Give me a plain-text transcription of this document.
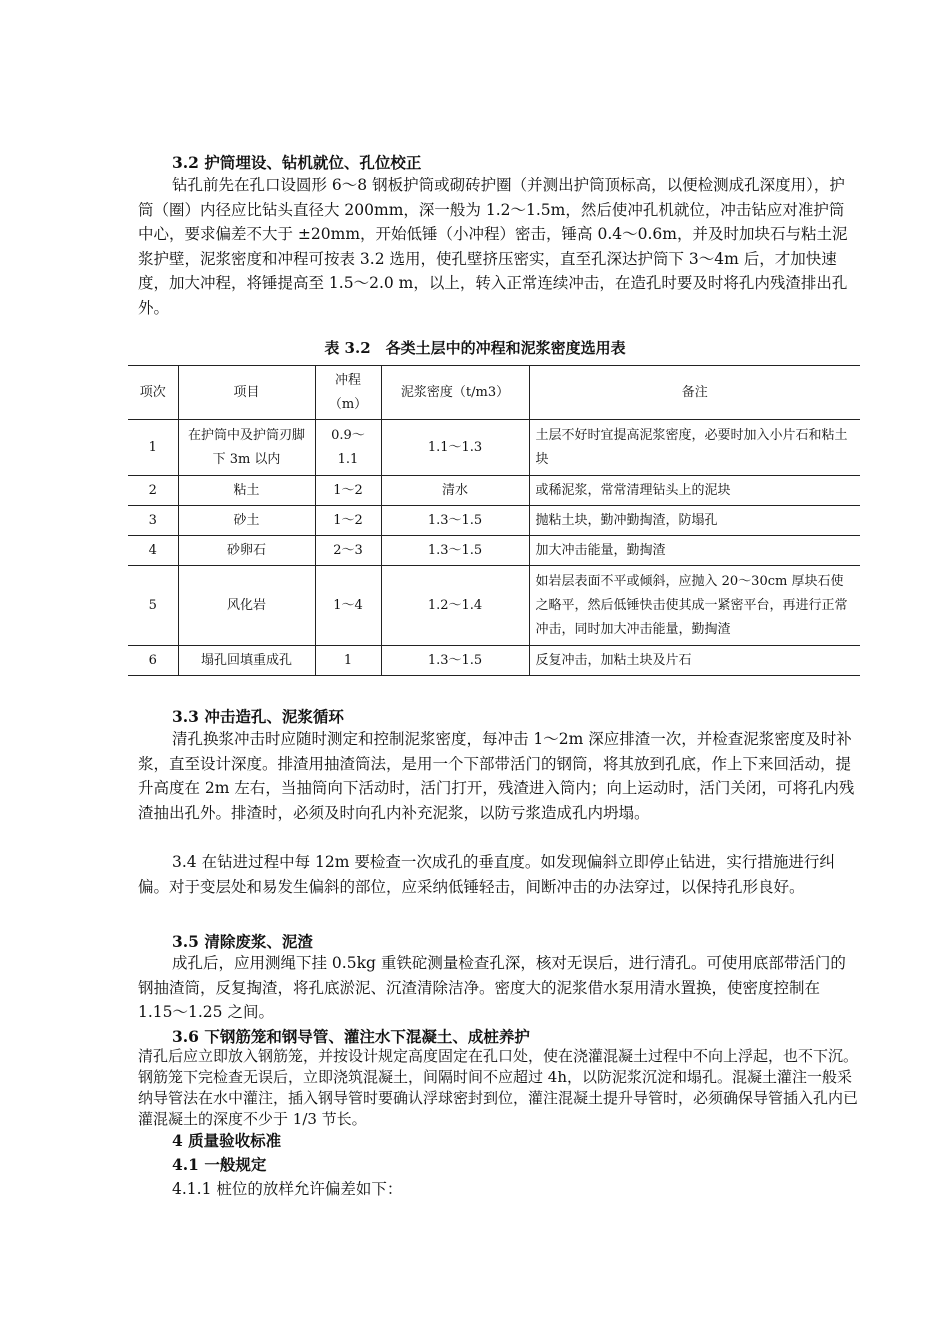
3.2 护筒埋设、钻机就位、孔位校正
钻孔前先在孔口设圆形 6～8 钢板护筒或砌砖护圈（并测出护筒顶标高，以便检测成孔深度用），护筒（圈）内径应比钻头直径大 200mm，深一般为 1.2～1.5m，然后使冲孔机就位，冲击钻应对准护筒中心，要求偏差不大于 ±20mm，开始低锤（小冲程）密击，锤高 0.4～0.6m，并及时加块石与粘土泥浆护壁，泥浆密度和冲程可按表 3.2 选用，使孔壁挤压密实，直至孔深达护筒下 3～4m 后，才加快速度，加大冲程，将锤提高至 1.5～2.0 m，以上，转入正常连续冲击，在造孔时要及时将孔内残渣排出孔外。
表 3.2　各类土层中的冲程和泥浆密度选用表
项次	项目	冲程（m）	泥浆密度（t/m3）	备注
1	在护筒中及护筒刃脚下 3m 以内	0.9～1.1	1.1～1.3	土层不好时宜提高泥浆密度，必要时加入小片石和粘土块
2	粘土	1～2	清水	或稀泥浆，常常清理钻头上的泥块
3	砂土	1～2	1.3～1.5	抛粘土块，勤冲勤掏渣，防塌孔
4	砂卵石	2～3	1.3～1.5	加大冲击能量，勤掏渣
5	风化岩	1～4	1.2～1.4	如岩层表面不平或倾斜，应抛入 20～30cm 厚块石使之略平，然后低锤快击使其成一紧密平台，再进行正常冲击，同时加大冲击能量，勤掏渣
6	塌孔回填重成孔	1	1.3～1.5	反复冲击，加粘土块及片石
3.3 冲击造孔、泥浆循环
清孔换浆冲击时应随时测定和控制泥浆密度，每冲击 1～2m 深应排渣一次，并检查泥浆密度及时补浆，直至设计深度。排渣用抽渣筒法，是用一个下部带活门的钢筒，将其放到孔底，作上下来回活动，提升高度在 2m 左右，当抽筒向下活动时，活门打开，残渣进入筒内；向上运动时，活门关闭，可将孔内残渣抽出孔外。排渣时，必须及时向孔内补充泥浆，以防亏浆造成孔内坍塌。
3.4 在钻进过程中每 12m 要检查一次成孔的垂直度。如发现偏斜立即停止钻进，实行措施进行纠偏。对于变层处和易发生偏斜的部位，应采纳低锤轻击，间断冲击的办法穿过，以保持孔形良好。
3.5 清除废浆、泥渣
成孔后，应用测绳下挂 0.5kg 重铁砣测量检查孔深，核对无误后，进行清孔。可使用底部带活门的钢抽渣筒，反复掏渣，将孔底淤泥、沉渣清除洁净。密度大的泥浆借水泵用清水置换，使密度控制在 1.15～1.25 之间。
3.6 下钢筋笼和钢导管、灌注水下混凝土、成桩养护
清孔后应立即放入钢筋笼，并按设计规定高度固定在孔口处，使在浇灌混凝土过程中不向上浮起，也不下沉。钢筋笼下完检查无误后，立即浇筑混凝土，间隔时间不应超过 4h，以防泥浆沉淀和塌孔。混凝土灌注一般采纳导管法在水中灌注，插入钢导管时要确认浮球密封到位，灌注混凝土提升导管时，必须确保导管插入孔内已灌混凝土的深度不少于 1/3 节长。
4 质量验收标准
4.1 一般规定
4.1.1 桩位的放样允许偏差如下：
